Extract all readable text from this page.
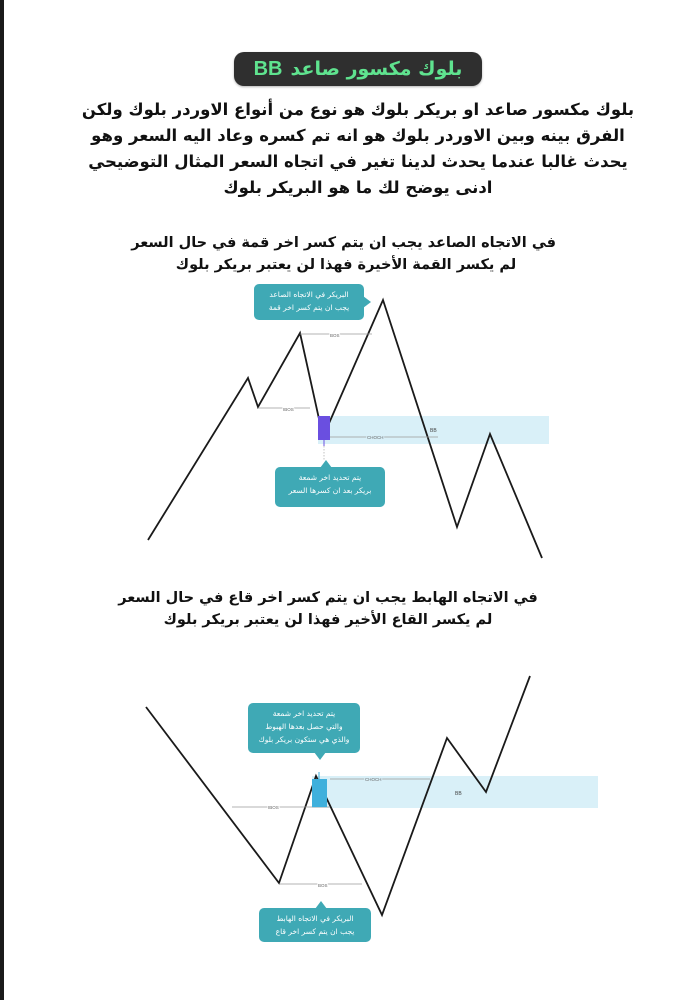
بلوك مكسور صاعد
BB
بلوك مكسور صاعد او بريكر بلوك هو نوع من أنواع الاوردر بلوك ولكن
الفرق بينه وبين الاوردر بلوك هو انه تم كسره وعاد اليه السعر وهو
يحدث غالبا عندما يحدث لدينا تغير في اتجاه السعر المثال التوضيحي
ادنى يوضح لك ما هو البريكر بلوك
في الاتجاه الصاعد يجب ان يتم كسر اخر قمة في حال السعر
لم يكسر القمة الأخيرة فهذا لن يعتبر بريكر بلوك
BOS
IBOS
CHOCH
BB
البريكر في الاتجاه الصاعد
يجب ان يتم كسر اخر قمة
يتم تحديد اخر شمعة
بريكر بعد ان كسرها السعر
في الاتجاه الهابط يجب ان يتم كسر اخر قاع في حال السعر
لم يكسر القاع الأخير فهذا لن يعتبر بريكر بلوك
IBOS
CHOCH
BB
BOS
يتم تحديد اخر شمعة
والتي حصل بعدها الهبوط
والذي هي ستكون بريكر بلوك
البريكر في الاتجاه الهابط
يجب ان يتم كسر اخر قاع
